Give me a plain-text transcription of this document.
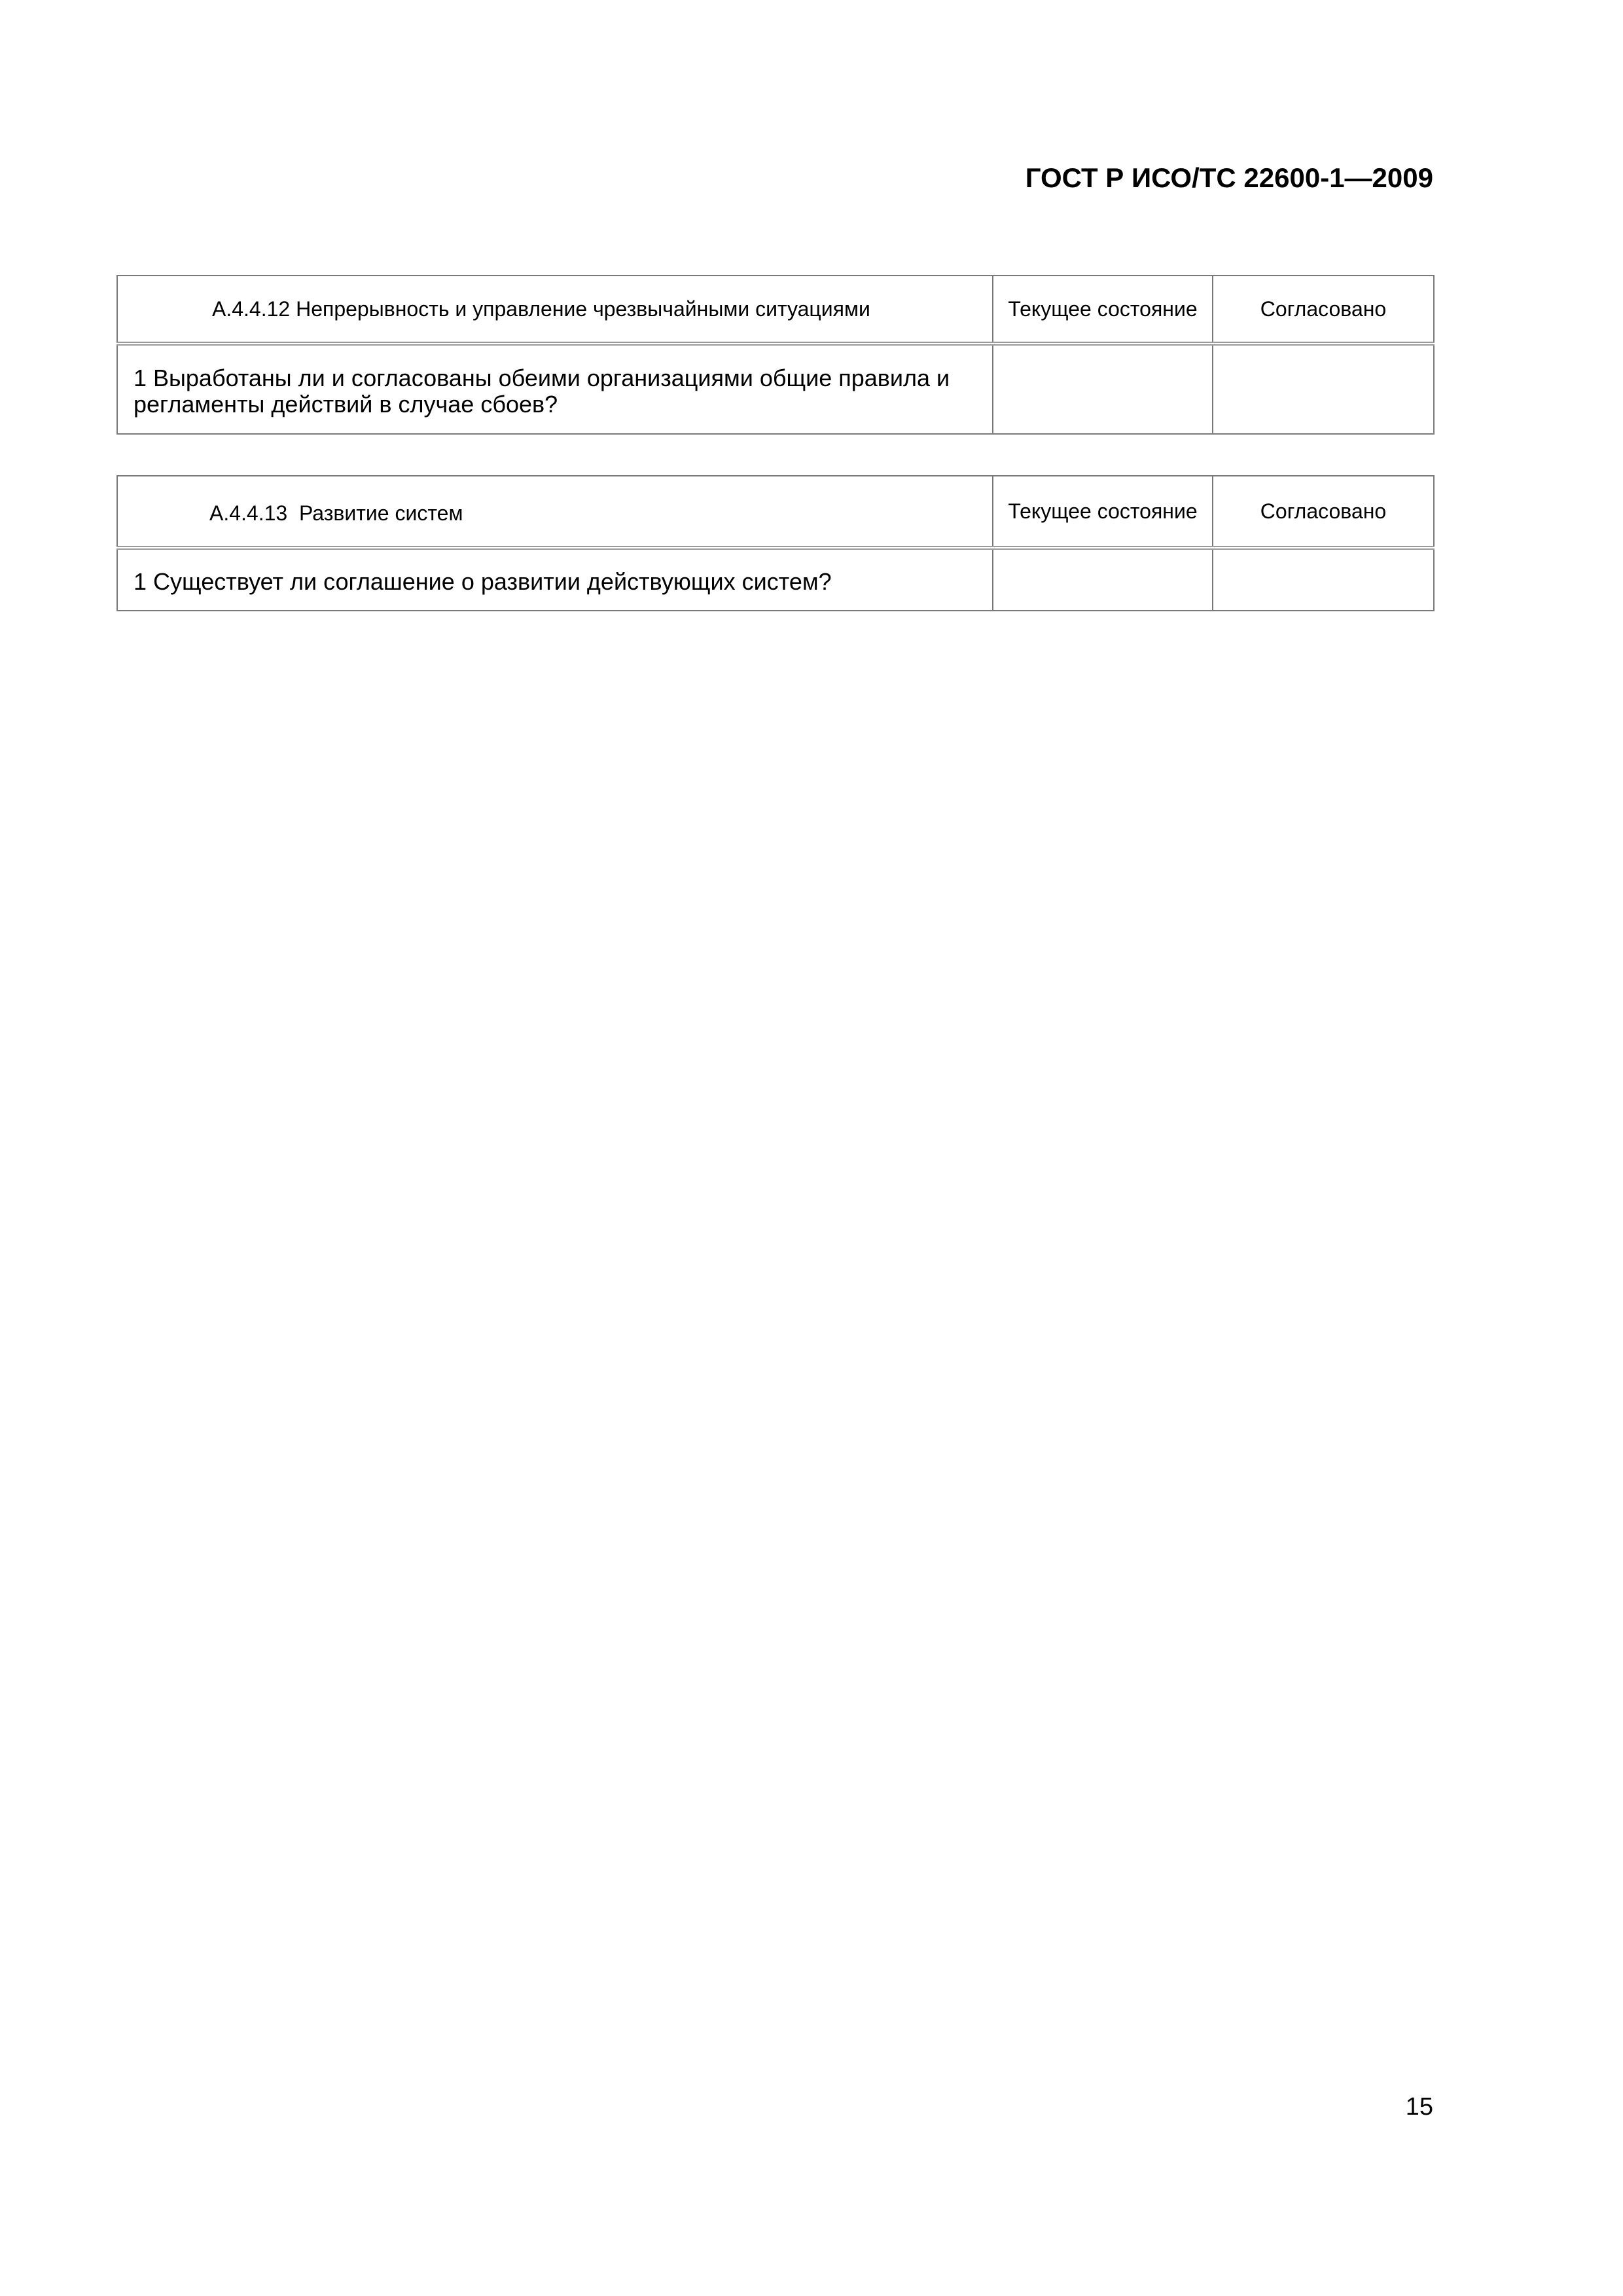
ГОСТ Р ИСО/ТС 22600-1—2009
А.4.4.12 Непрерывность и управление чрезвычайными ситуациями	Текущее состояние	Согласовано
1 Выработаны ли и согласованы обеими организациями общие правила и регламенты действий в случае сбоев?		
А.4.4.13  Развитие систем	Текущее состояние	Согласовано
1 Существует ли соглашение о развитии действующих систем?		
15
